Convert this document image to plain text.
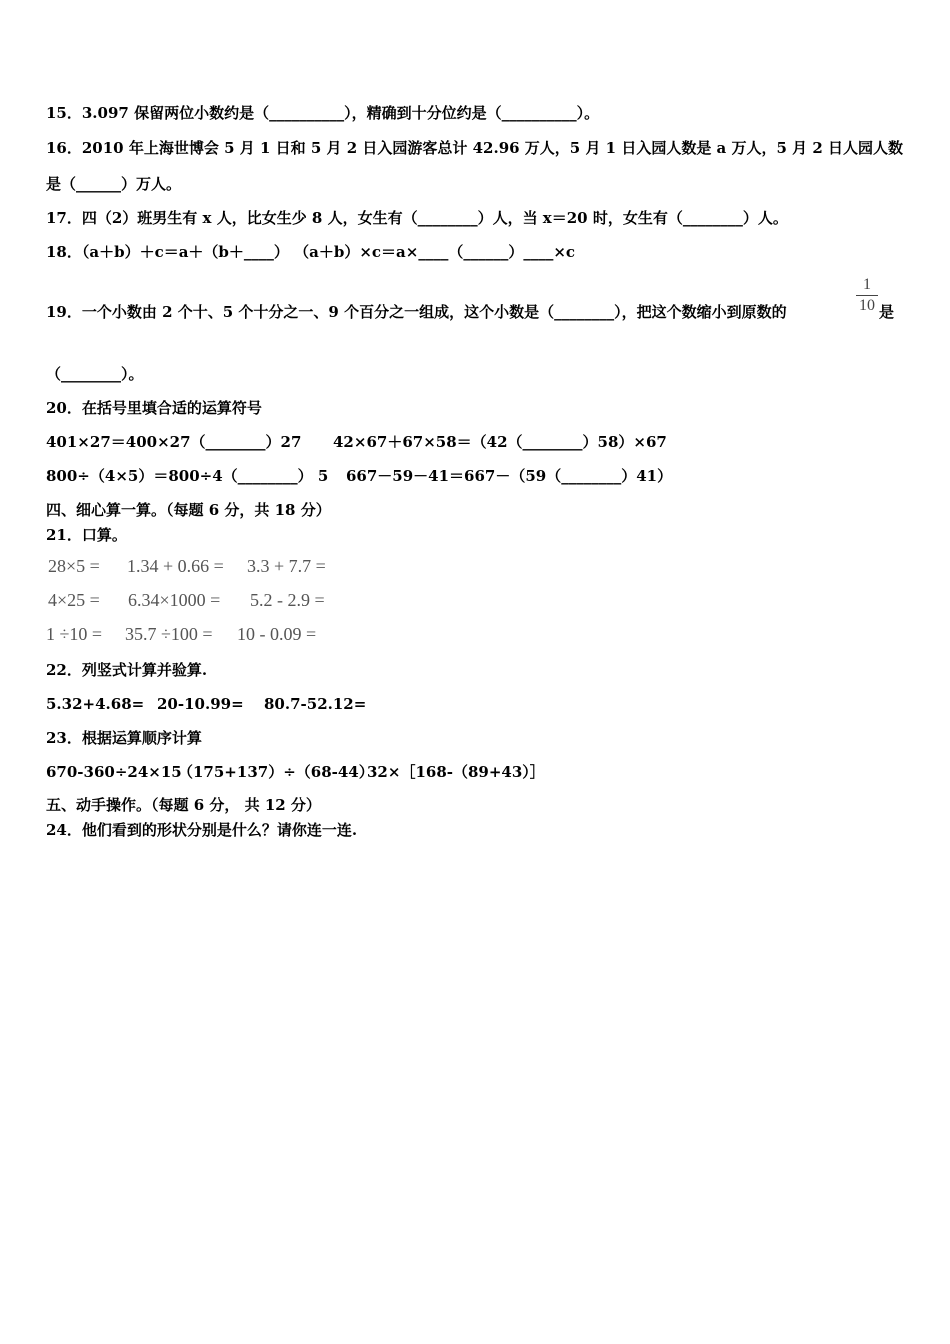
15．3.097 保留两位小数约是（__________），精确到十分位约是（__________）。
16．2010 年上海世博会 5 月 1 日和 5 月 2 日入园游客总计 42.96 万人，5 月 1 日入园人数是 a 万人，5 月 2 日人园人数
是（______）万人。
17．四（2）班男生有 x 人，比女生少 8 人，女生有（________）人，当 x＝20 时，女生有（________）人。
18．（a＋b）＋c＝a＋（b＋____） （a＋b）×c＝a×____（______）____×c
19．一个小数由 2 个十、5 个十分之一、9 个百分之一组成，这个小数是（________），把这个数缩小到原数的
1
10 是
（________）。
20．在括号里填合适的运算符号
401×27＝400×27（________）27 42×67＋67×58＝（42（________）58）×67
800÷（4×5）＝800÷4（________） 5 667－59－41＝667－（59（________）41）
四、细心算一算。（每题 6 分，共 18 分）
21．口算。
28×5 = 1.34 + 0.66 = 3.3 + 7.7 =
4×25 = 6.34×1000 = 5.2 - 2.9 =
1 ÷10 = 35.7 ÷100 = 10 - 0.09 =
22．列竖式计算并验算.
5.32+4.68= 20-10.99= 80.7-52.12=
23．根据运算顺序计算
670-360÷24×15
（175+137）÷（68-44）
32×［168-（89+43）］
五、动手操作。（每题 6 分， 共 12 分）
24．他们看到的形状分别是什么？请你连一连.
